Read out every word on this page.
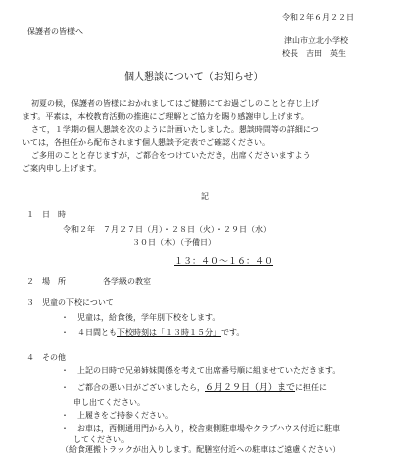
令和２年６月２２日
保護者の皆様へ
津山市立北小学校
校長　吉田　英生
個人懇談について（お知らせ）
初夏の候，保護者の皆様におかれましてはご健勝にてお過ごしのことと存じ上げ
ます。平素は，本校教育活動の推進にご理解とご協力を賜り感謝申し上げます。
さて，１学期の個人懇談を次のように計画いたしました。懇談時間等の詳細につ
いては，各担任から配布されます個人懇談予定表でご確認ください。
ご多用のことと存じますが，ご都合をつけていただき，出席くださいますよう
ご案内申し上げます。
記
１　日　時
令和２年　７月２７日（月）・２８日（火）・２９日（水）
３０日（木）（予備日）
１３：４０～１６：４０
２　場　所	各学級の教室
３　児童の下校について
・　児童は，給食後，学年別下校をします。
・　４日間とも下校時刻は「１３時１５分」です。
４　その他
・　上記の日時で兄弟姉妹関係を考えて出席番号順に組ませていただきます。
・　ご都合の悪い日がございましたら，６月２９日（月）までに担任に
申し出てください。
・　上履きをご持参ください。
・　お車は，西側通用門から入り，校舎東側駐車場やクラブハウス付近に駐車
してください。
（給食運搬トラックが出入りします。配膳室付近への駐車はご遠慮ください）
